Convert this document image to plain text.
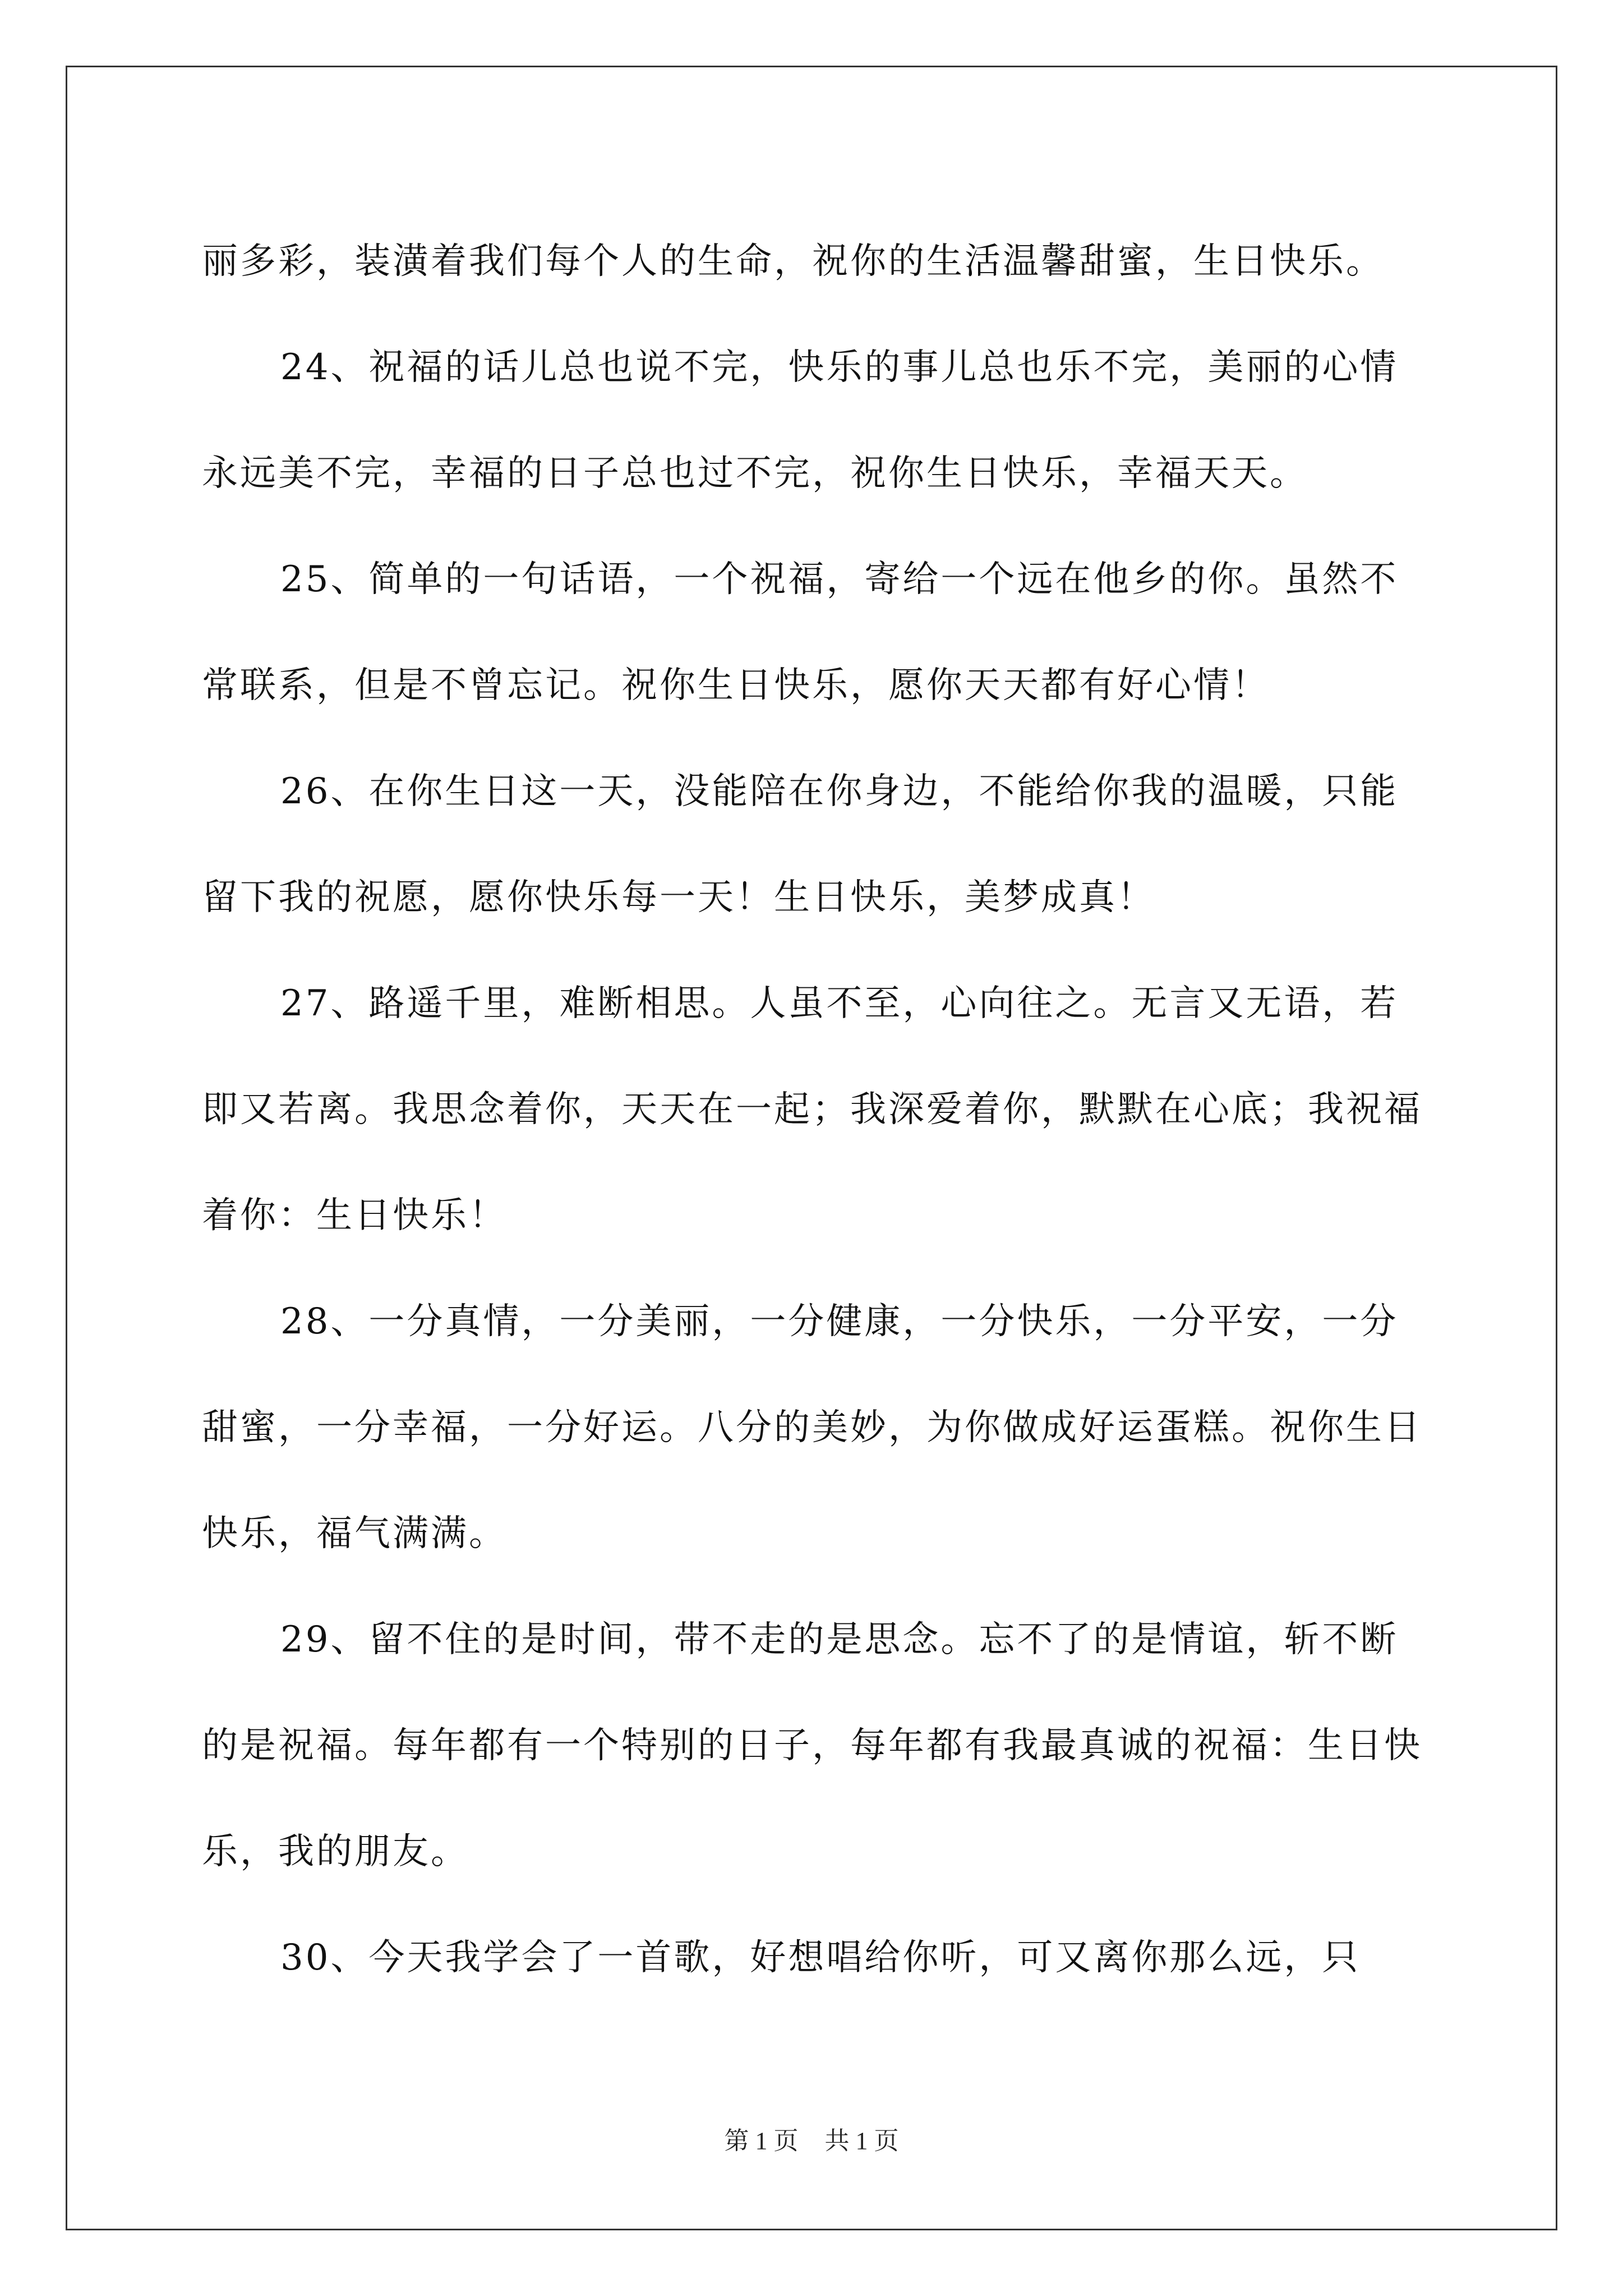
丽多彩，装潢着我们每个人的生命，祝你的生活温馨甜蜜，生日快乐。

24、祝福的话儿总也说不完，快乐的事儿总也乐不完，美丽的心情永远美不完，幸福的日子总也过不完，祝你生日快乐，幸福天天。

25、简单的一句话语，一个祝福，寄给一个远在他乡的你。虽然不常联系，但是不曾忘记。祝你生日快乐，愿你天天都有好心情！

26、在你生日这一天，没能陪在你身边，不能给你我的温暖，只能留下我的祝愿，愿你快乐每一天！生日快乐，美梦成真！

27、路遥千里，难断相思。人虽不至，心向往之。无言又无语，若即又若离。我思念着你，天天在一起；我深爱着你，默默在心底；我祝福着你：生日快乐！

28、一分真情，一分美丽，一分健康，一分快乐，一分平安，一分甜蜜，一分幸福，一分好运。八分的美妙，为你做成好运蛋糕。祝你生日快乐，福气满满。

29、留不住的是时间，带不走的是思念。忘不了的是情谊，斩不断的是祝福。每年都有一个特别的日子，每年都有我最真诚的祝福：生日快乐，我的朋友。

30、今天我学会了一首歌，好想唱给你听，可又离你那么远，只

第 1 页 共 1 页
